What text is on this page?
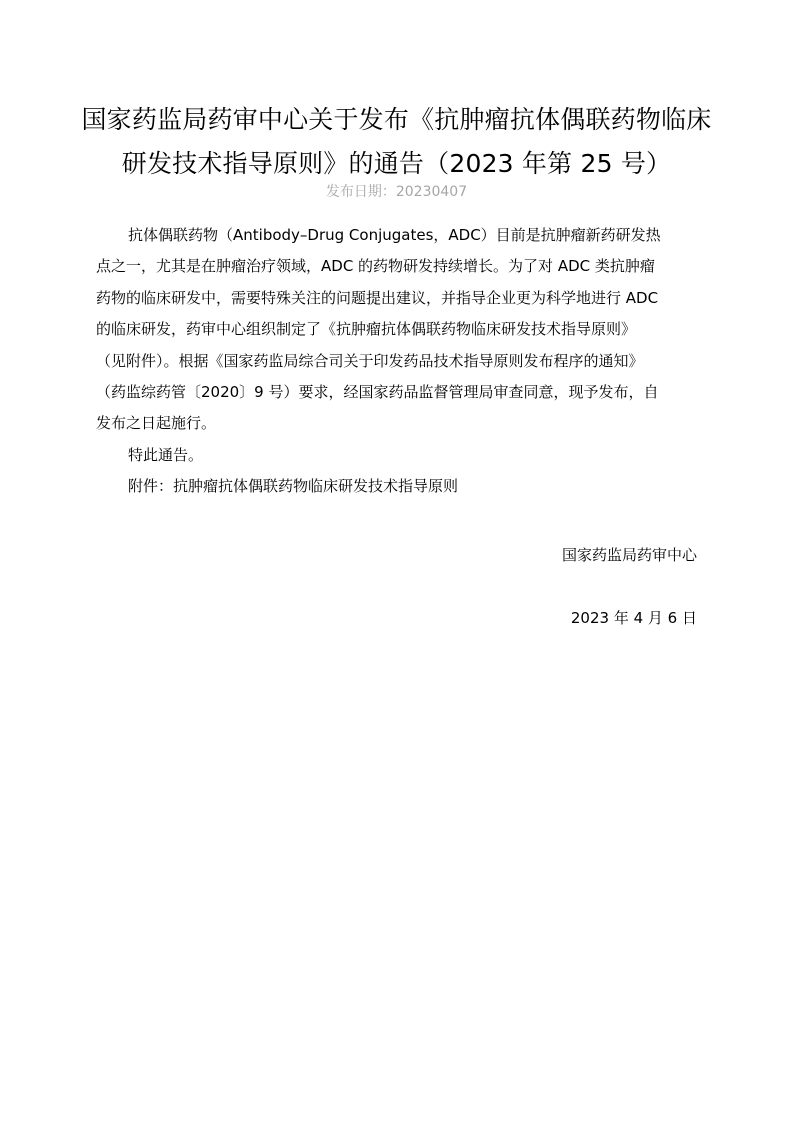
国家药监局药审中心关于发布《抗肿瘤抗体偶联药物临床
研发技术指导原则》的通告（2023 年第 25 号）
发布日期：20230407

抗体偶联药物（Antibody–Drug Conjugates，ADC）目前是抗肿瘤新药研发热
点之一，尤其是在肿瘤治疗领域，ADC 的药物研发持续增长。为了对 ADC 类抗肿瘤
药物的临床研发中，需要特殊关注的问题提出建议，并指导企业更为科学地进行 ADC
的临床研发，药审中心组织制定了《抗肿瘤抗体偶联药物临床研发技术指导原则》
（见附件）。根据《国家药监局综合司关于印发药品技术指导原则发布程序的通知》
（药监综药管〔2020〕9 号）要求，经国家药品监督管理局审查同意，现予发布，自
发布之日起施行。

特此通告。

附件：抗肿瘤抗体偶联药物临床研发技术指导原则

国家药监局药审中心
2023 年 4 月 6 日
